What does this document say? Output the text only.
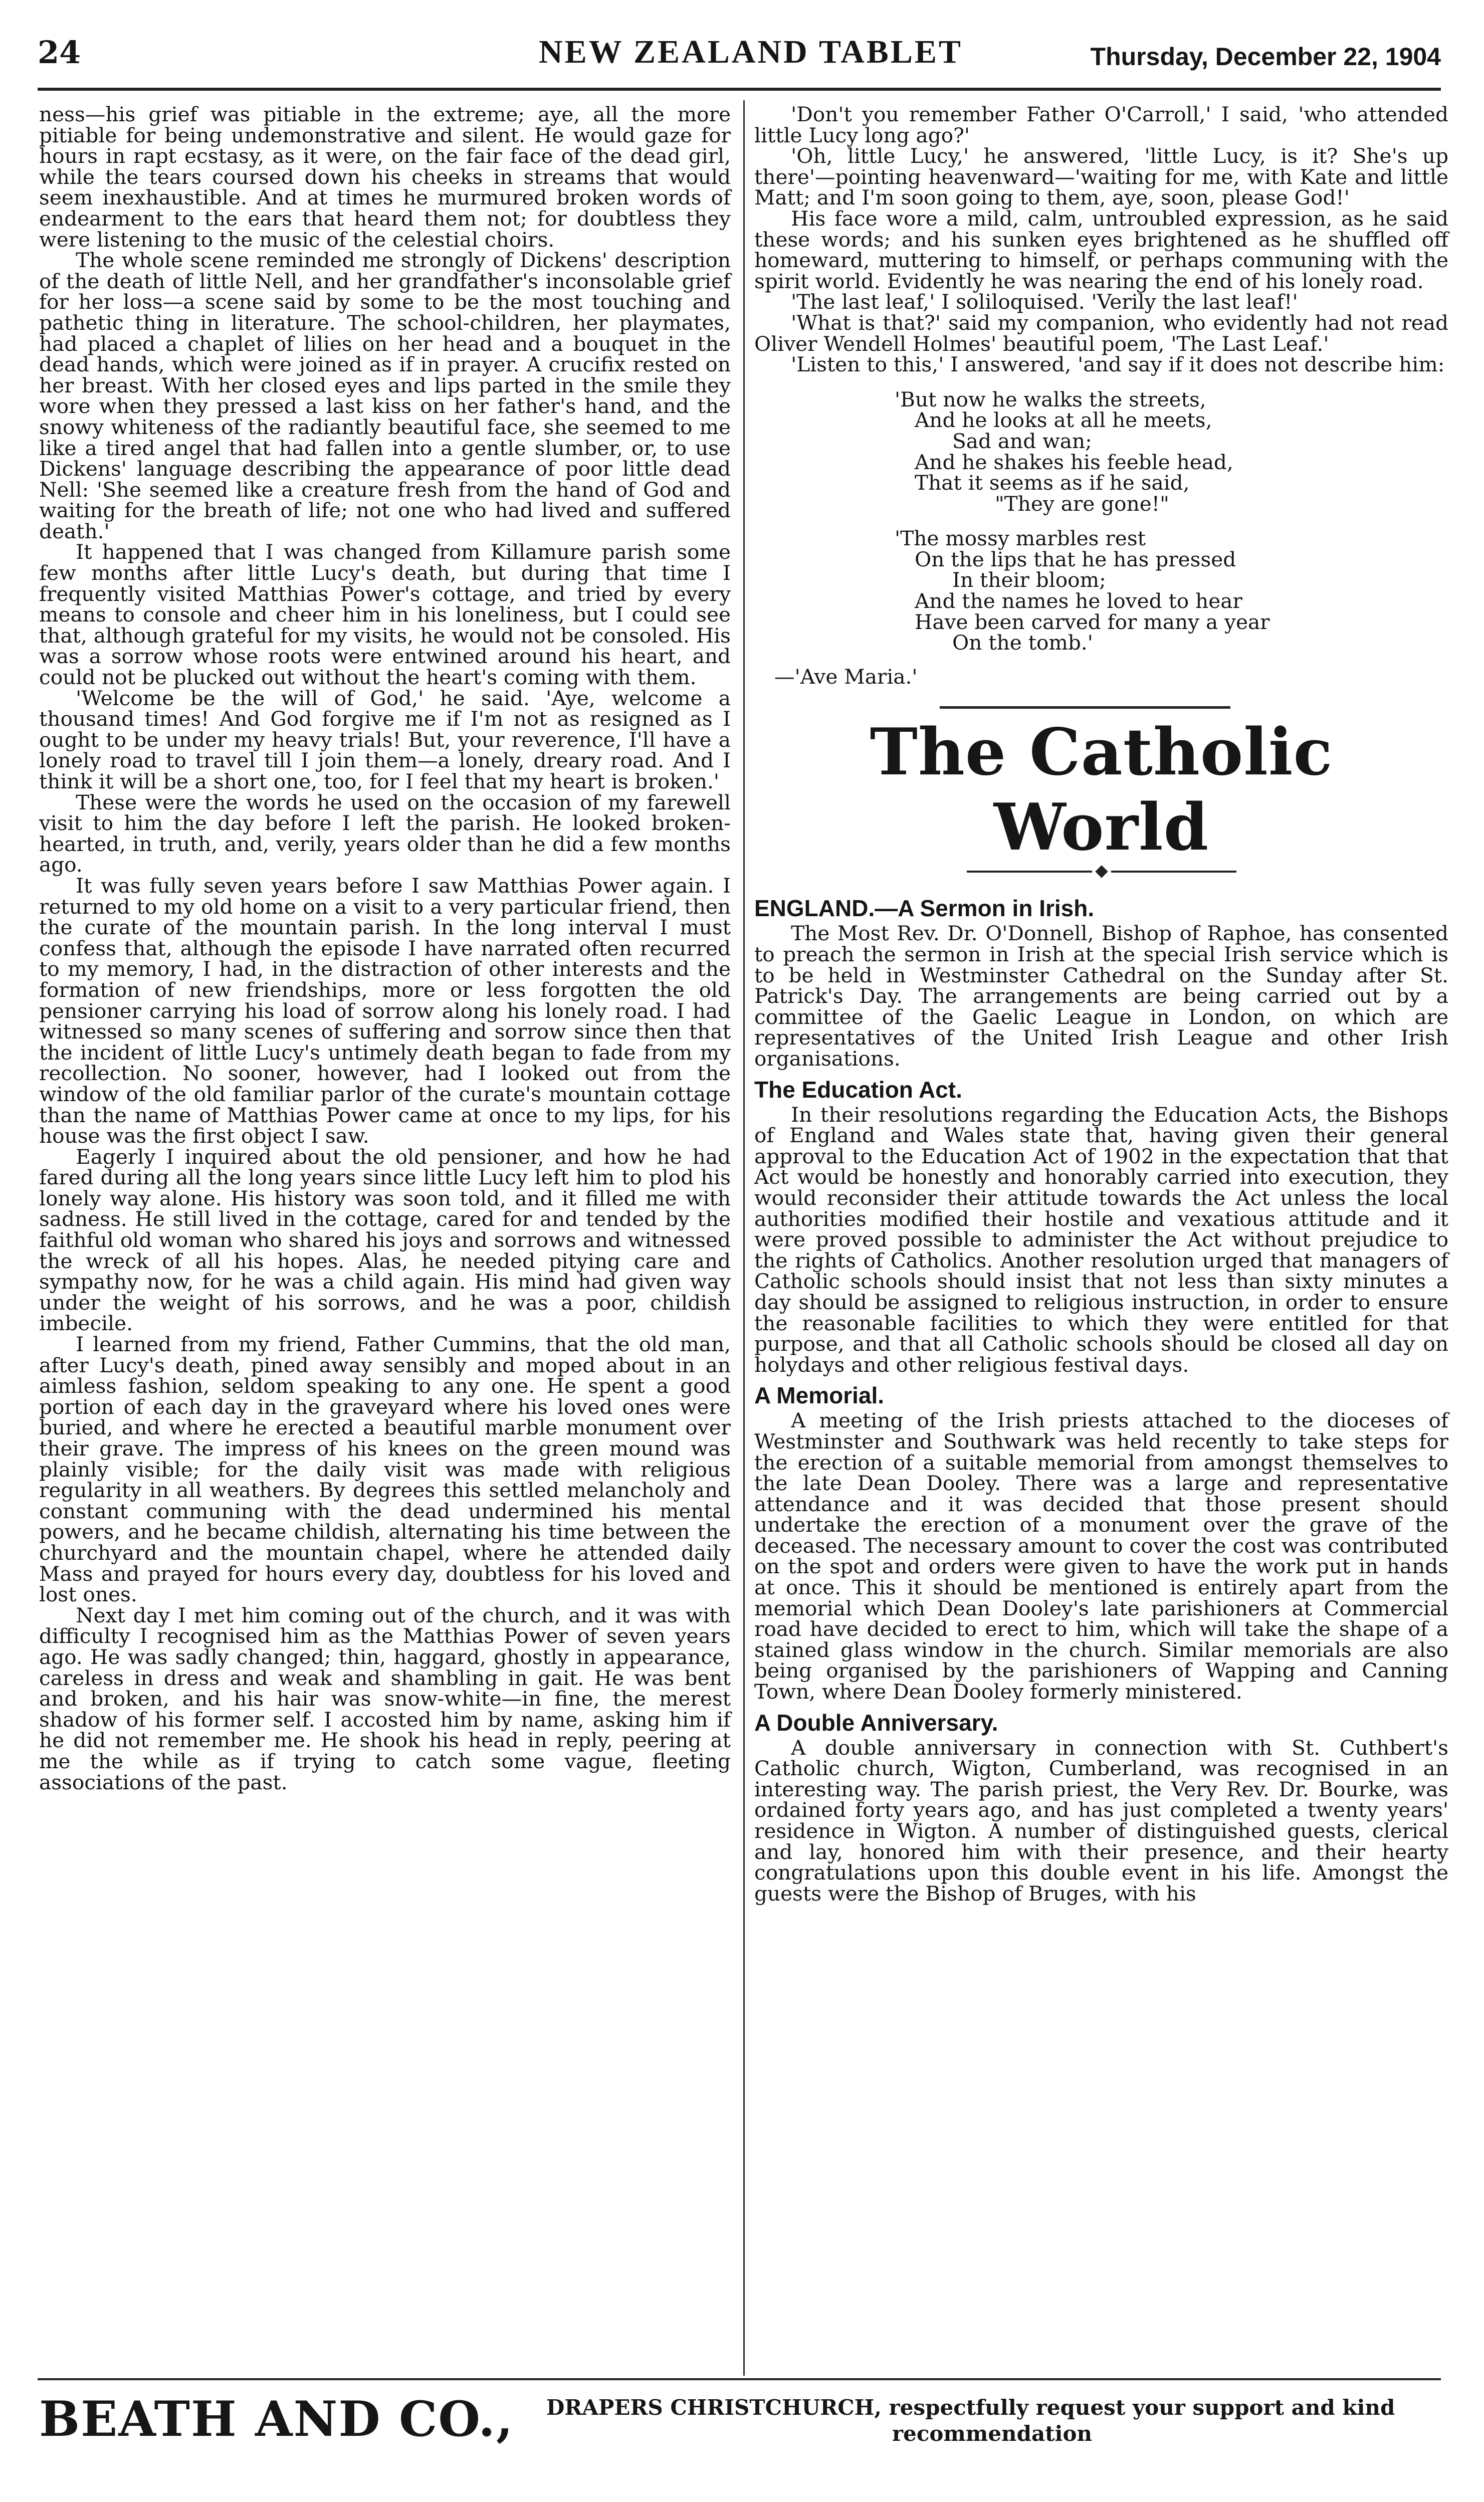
24	NEW ZEALAND TABLET	Thursday, December 22, 1904

ness—his grief was pitiable in the extreme; aye, all the more pitiable for being undemonstrative and silent. He would gaze for hours in rapt ecstasy, as it were, on the fair face of the dead girl, while the tears coursed down his cheeks in streams that would seem inexhaustible. And at times he murmured broken words of endearment to the ears that heard them not; for doubtless they were listening to the music of the celestial choirs.

The whole scene reminded me strongly of Dickens' description of the death of little Nell, and her grandfather's inconsolable grief for her loss—a scene said by some to be the most touching and pathetic thing in literature. The school-children, her playmates, had placed a chaplet of lilies on her head and a bouquet in the dead hands, which were joined as if in prayer. A crucifix rested on her breast. With her closed eyes and lips parted in the smile they wore when they pressed a last kiss on her father's hand, and the snowy whiteness of the radiantly beautiful face, she seemed to me like a tired angel that had fallen into a gentle slumber, or, to use Dickens' language describing the appearance of poor little dead Nell: 'She seemed like a creature fresh from the hand of God and waiting for the breath of life; not one who had lived and suffered death.'

It happened that I was changed from Killamure parish some few months after little Lucy's death, but during that time I frequently visited Matthias Power's cottage, and tried by every means to console and cheer him in his loneliness, but I could see that, although grateful for my visits, he would not be consoled. His was a sorrow whose roots were entwined around his heart, and could not be plucked out without the heart's coming with them.

'Welcome be the will of God,' he said. 'Aye, welcome a thousand times! And God forgive me if I'm not as resigned as I ought to be under my heavy trials! But, your reverence, I'll have a lonely road to travel till I join them—a lonely, dreary road. And I think it will be a short one, too, for I feel that my heart is broken.'

These were the words he used on the occasion of my farewell visit to him the day before I left the parish. He looked broken-hearted, in truth, and, verily, years older than he did a few months ago.

It was fully seven years before I saw Matthias Power again. I returned to my old home on a visit to a very particular friend, then the curate of the mountain parish. In the long interval I must confess that, although the episode I have narrated often recurred to my memory, I had, in the distraction of other interests and the formation of new friendships, more or less forgotten the old pensioner carrying his load of sorrow along his lonely road. I had witnessed so many scenes of suffering and sorrow since then that the incident of little Lucy's untimely death began to fade from my recollection. No sooner, however, had I looked out from the window of the old familiar parlor of the curate's mountain cottage than the name of Matthias Power came at once to my lips, for his house was the first object I saw.

Eagerly I inquired about the old pensioner, and how he had fared during all the long years since little Lucy left him to plod his lonely way alone. His history was soon told, and it filled me with sadness. He still lived in the cottage, cared for and tended by the faithful old woman who shared his joys and sorrows and witnessed the wreck of all his hopes. Alas, he needed pitying care and sympathy now, for he was a child again. His mind had given way under the weight of his sorrows, and he was a poor, childish imbecile.

I learned from my friend, Father Cummins, that the old man, after Lucy's death, pined away sensibly and moped about in an aimless fashion, seldom speaking to any one. He spent a good portion of each day in the graveyard where his loved ones were buried, and where he erected a beautiful marble monument over their grave. The impress of his knees on the green mound was plainly visible; for the daily visit was made with religious regularity in all weathers. By degrees this settled melancholy and constant communing with the dead undermined his mental powers, and he became childish, alternating his time between the churchyard and the mountain chapel, where he attended daily Mass and prayed for hours every day, doubtless for his loved and lost ones.

Next day I met him coming out of the church, and it was with difficulty I recognised him as the Matthias Power of seven years ago. He was sadly changed; thin, haggard, ghostly in appearance, careless in dress and weak and shambling in gait. He was bent and broken, and his hair was snow-white—in fine, the merest shadow of his former self. I accosted him by name, asking him if he did not remember me. He shook his head in reply, peering at me the while as if trying to catch some vague, fleeting associations of the past.

'Don't you remember Father O'Carroll,' I said, 'who attended little Lucy long ago?'

'Oh, little Lucy,' he answered, 'little Lucy, is it? She's up there'—pointing heavenward—'waiting for me, with Kate and little Matt; and I'm soon going to them, aye, soon, please God!'

His face wore a mild, calm, untroubled expression, as he said these words; and his sunken eyes brightened as he shuffled off homeward, muttering to himself, or perhaps communing with the spirit world. Evidently he was nearing the end of his lonely road.

'The last leaf,' I soliloquised. 'Verily the last leaf!'

'What is that?' said my companion, who evidently had not read Oliver Wendell Holmes' beautiful poem, 'The Last Leaf.'

'Listen to this,' I answered, 'and say if it does not describe him:

'But now he walks the streets,
And he looks at all he meets,
Sad and wan;
And he shakes his feeble head,
That it seems as if he said,
"They are gone!"
'The mossy marbles rest
On the lips that he has pressed
In their bloom;
And the names he loved to hear
Have been carved for many a year
On the tomb.'
—'Ave Maria.'
The Catholic World
ENGLAND.—A Sermon in Irish.

The Most Rev. Dr. O'Donnell, Bishop of Raphoe, has consented to preach the sermon in Irish at the special Irish service which is to be held in Westminster Cathedral on the Sunday after St. Patrick's Day. The arrangements are being carried out by a committee of the Gaelic League in London, on which are representatives of the United Irish League and other Irish organisations.

The Education Act.

In their resolutions regarding the Education Acts, the Bishops of England and Wales state that, having given their general approval to the Education Act of 1902 in the expectation that that Act would be honestly and honorably carried into execution, they would reconsider their attitude towards the Act unless the local authorities modified their hostile and vexatious attitude and it were proved possible to administer the Act without prejudice to the rights of Catholics. Another resolution urged that managers of Catholic schools should insist that not less than sixty minutes a day should be assigned to religious instruction, in order to ensure the reasonable facilities to which they were entitled for that purpose, and that all Catholic schools should be closed all day on holydays and other religious festival days.

A Memorial.

A meeting of the Irish priests attached to the dioceses of Westminster and Southwark was held recently to take steps for the erection of a suitable memorial from amongst themselves to the late Dean Dooley. There was a large and representative attendance and it was decided that those present should undertake the erection of a monument over the grave of the deceased. The necessary amount to cover the cost was contributed on the spot and orders were given to have the work put in hands at once. This it should be mentioned is entirely apart from the memorial which Dean Dooley's late parishioners at Commercial road have decided to erect to him, which will take the shape of a stained glass window in the church. Similar memorials are also being organised by the parishioners of Wapping and Canning Town, where Dean Dooley formerly ministered.

A Double Anniversary.

A double anniversary in connection with St. Cuthbert's Catholic church, Wigton, Cumberland, was recognised in an interesting way. The parish priest, the Very Rev. Dr. Bourke, was ordained forty years ago, and has just completed a twenty years' residence in Wigton. A number of distinguished guests, clerical and lay, honored him with their presence, and their hearty congratulations upon this double event in his life. Amongst the guests were the Bishop of Bruges, with his

BEATH AND CO., DRAPERS CHRISTCHURCH, respectfully request your support and kind
recommendation
